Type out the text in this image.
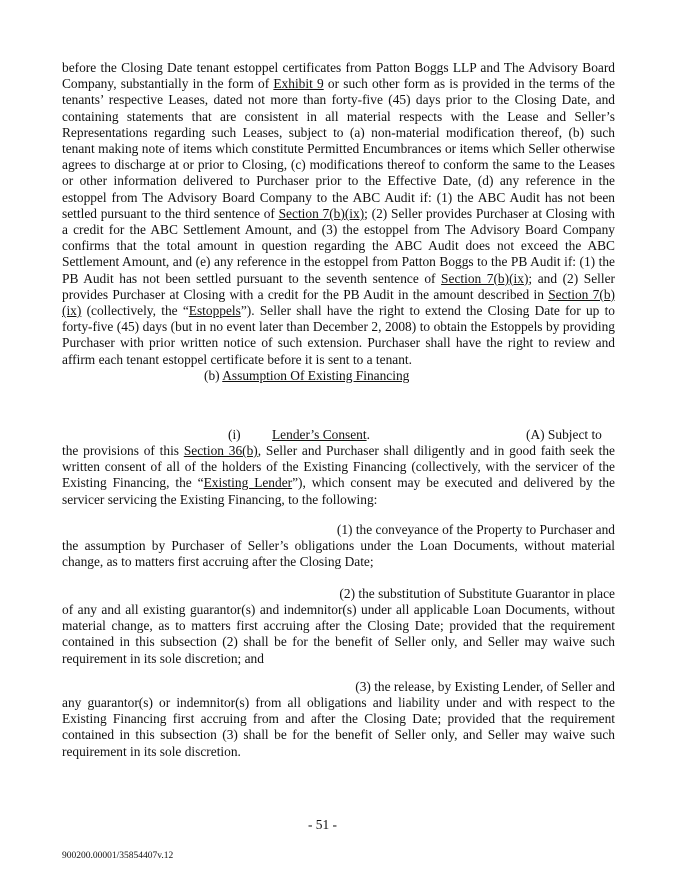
before the Closing Date tenant estoppel certificates from Patton Boggs LLP and The Advisory Board Company, substantially in the form of Exhibit 9 or such other form as is provided in the terms of the tenants’ respective Leases, dated not more than forty-five (45) days prior to the Closing Date, and containing statements that are consistent in all material respects with the Lease and Seller’s Representations regarding such Leases, subject to (a) non-material modification thereof, (b) such tenant making note of items which constitute Permitted Encumbrances or items which Seller otherwise agrees to discharge at or prior to Closing, (c) modifications thereof to conform the same to the Leases or other information delivered to Purchaser prior to the Effective Date, (d) any reference in the estoppel from The Advisory Board Company to the ABC Audit if: (1) the ABC Audit has not been settled pursuant to the third sentence of Section 7(b)(ix); (2) Seller provides Purchaser at Closing with a credit for the ABC Settlement Amount, and (3) the estoppel from The Advisory Board Company confirms that the total amount in question regarding the ABC Audit does not exceed the ABC Settlement Amount, and (e) any reference in the estoppel from Patton Boggs to the PB Audit if: (1) the PB Audit has not been settled pursuant to the seventh sentence of Section 7(b)(ix); and (2) Seller provides Purchaser at Closing with a credit for the PB Audit in the amount described in Section 7(b)(ix) (collectively, the “Estoppels”). Seller shall have the right to extend the Closing Date for up to forty-five (45) days (but in no event later than December 2, 2008) to obtain the Estoppels by providing Purchaser with prior written notice of such extension. Purchaser shall have the right to review and affirm each tenant estoppel certificate before it is sent to a tenant.

(b) Assumption Of Existing Financing

(i) Lender’s Consent.	(A) Subject to

the provisions of this Section 36(b), Seller and Purchaser shall diligently and in good faith seek the written consent of all of the holders of the Existing Financing (collectively, with the servicer of the Existing Financing, the “Existing Lender”), which consent may be executed and delivered by the servicer servicing the Existing Financing, to the following:

(1) the conveyance of the Property to Purchaser and

the assumption by Purchaser of Seller’s obligations under the Loan Documents, without material change, as to matters first accruing after the Closing Date;

(2) the substitution of Substitute Guarantor in place

of any and all existing guarantor(s) and indemnitor(s) under all applicable Loan Documents, without material change, as to matters first accruing after the Closing Date; provided that the requirement contained in this subsection (2) shall be for the benefit of Seller only, and Seller may waive such requirement in its sole discretion; and

(3) the release, by Existing Lender, of Seller and

any guarantor(s) or indemnitor(s) from all obligations and liability under and with respect to the Existing Financing first accruing from and after the Closing Date; provided that the requirement contained in this subsection (3) shall be for the benefit of Seller only, and Seller may waive such requirement in its sole discretion.

- 51 -
900200.00001/35854407v.12
